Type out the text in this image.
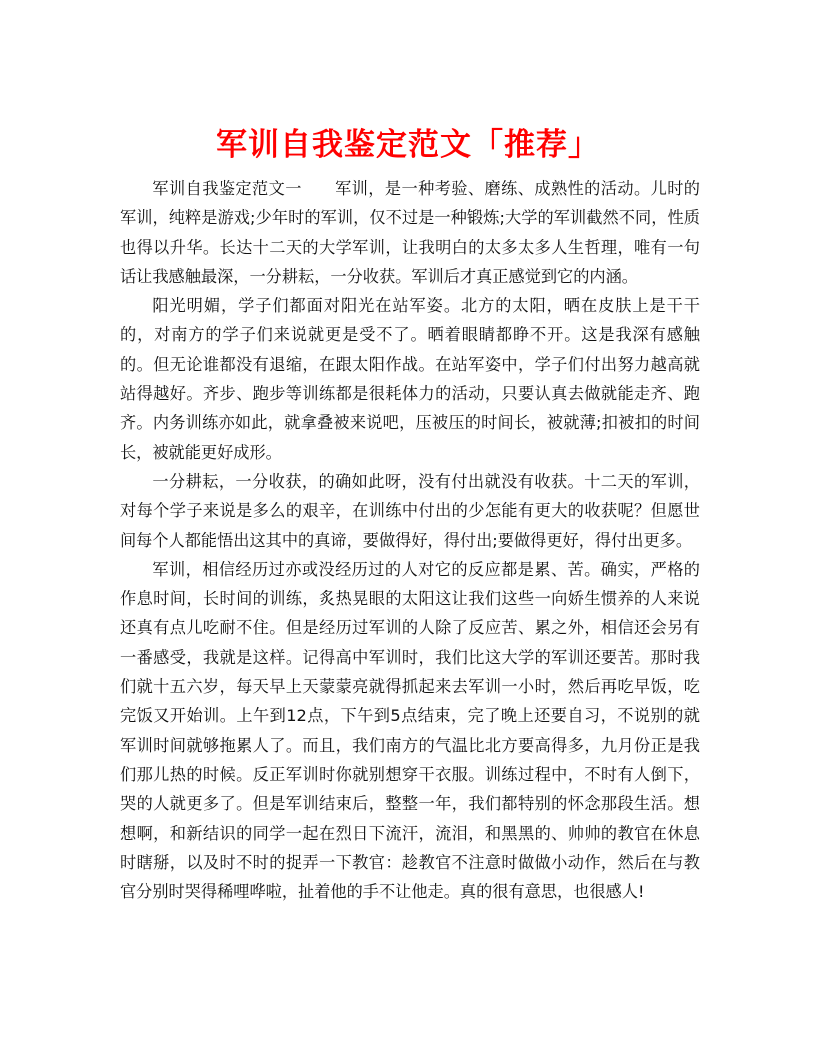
军训自我鉴定范文「推荐」

军训自我鉴定范文一　　军训，是一种考验、磨练、成熟性的活动。儿时的军训，纯粹是游戏;少年时的军训，仅不过是一种锻炼;大学的军训截然不同，性质也得以升华。长达十二天的大学军训，让我明白的太多太多人生哲理，唯有一句话让我感触最深，一分耕耘，一分收获。军训后才真正感觉到它的内涵。

阳光明媚，学子们都面对阳光在站军姿。北方的太阳，晒在皮肤上是干干的，对南方的学子们来说就更是受不了。晒着眼睛都睁不开。这是我深有感触的。但无论谁都没有退缩，在跟太阳作战。在站军姿中，学子们付出努力越高就站得越好。齐步、跑步等训练都是很耗体力的活动，只要认真去做就能走齐、跑齐。内务训练亦如此，就拿叠被来说吧，压被压的时间长，被就薄;扣被扣的时间长，被就能更好成形。

一分耕耘，一分收获，的确如此呀，没有付出就没有收获。十二天的军训，对每个学子来说是多么的艰辛，在训练中付出的少怎能有更大的收获呢？但愿世间每个人都能悟出这其中的真谛，要做得好，得付出;要做得更好，得付出更多。

军训，相信经历过亦或没经历过的人对它的反应都是累、苦。确实，严格的作息时间，长时间的训练，炙热晃眼的太阳这让我们这些一向娇生惯养的人来说还真有点儿吃耐不住。但是经历过军训的人除了反应苦、累之外，相信还会另有一番感受，我就是这样。记得高中军训时，我们比这大学的军训还要苦。那时我们就十五六岁，每天早上天蒙蒙亮就得抓起来去军训一小时，然后再吃早饭，吃完饭又开始训。上午到12点，下午到5点结束，完了晚上还要自习，不说别的就军训时间就够拖累人了。而且，我们南方的气温比北方要高得多，九月份正是我们那儿热的时候。反正军训时你就别想穿干衣服。训练过程中，不时有人倒下，哭的人就更多了。但是军训结束后，整整一年，我们都特别的怀念那段生活。想想啊，和新结识的同学一起在烈日下流汗，流泪，和黑黑的、帅帅的教官在休息时瞎掰，以及时不时的捉弄一下教官：趁教官不注意时做做小动作，然后在与教官分别时哭得稀哩哗啦，扯着他的手不让他走。真的很有意思，也很感人!
